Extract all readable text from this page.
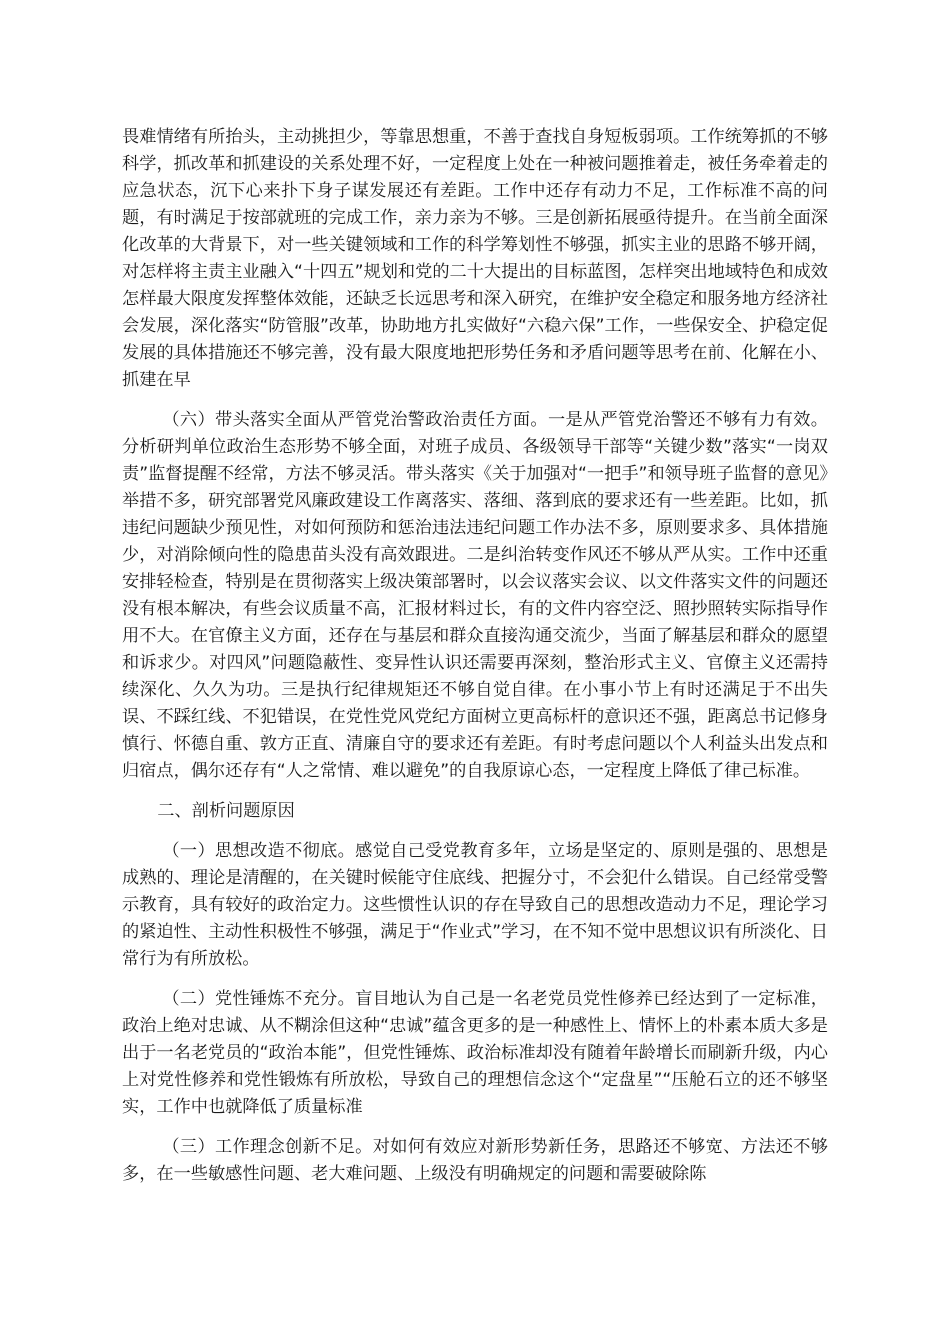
畏难情绪有所抬头，主动挑担少，等靠思想重，不善于查找自身短板弱项。工作统筹抓的不够科学，抓改革和抓建设的关系处理不好，一定程度上处在一种被问题推着走，被任务牵着走的应急状态，沉下心来扑下身子谋发展还有差距。工作中还存有动力不足，工作标准不高的问题，有时满足于按部就班的完成工作，亲力亲为不够。三是创新拓展亟待提升。在当前全面深化改革的大背景下，对一些关键领域和工作的科学筹划性不够强，抓实主业的思路不够开阔，对怎样将主责主业融入“十四五”规划和党的二十大提出的目标蓝图，怎样突出地域特色和成效怎样最大限度发挥整体效能，还缺乏长远思考和深入研究，在维护安全稳定和服务地方经济社会发展，深化落实“防管服”改革，协助地方扎实做好“六稳六保”工作，一些保安全、护稳定促发展的具体措施还不够完善，没有最大限度地把形势任务和矛盾问题等思考在前、化解在小、抓建在早

（六）带头落实全面从严管党治警政治责任方面。一是从严管党治警还不够有力有效。分析研判单位政治生态形势不够全面，对班子成员、各级领导干部等“关键少数”落实“一岗双责”监督提醒不经常，方法不够灵活。带头落实《关于加强对“一把手”和领导班子监督的意见》举措不多，研究部署党风廉政建设工作离落实、落细、落到底的要求还有一些差距。比如，抓违纪问题缺少预见性，对如何预防和惩治违法违纪问题工作办法不多，原则要求多、具体措施少，对消除倾向性的隐患苗头没有高效跟进。二是纠治转变作风还不够从严从实。工作中还重安排轻检查，特别是在贯彻落实上级决策部署时，以会议落实会议、以文件落实文件的问题还没有根本解决，有些会议质量不高，汇报材料过长，有的文件内容空泛、照抄照转实际指导作用不大。在官僚主义方面，还存在与基层和群众直接沟通交流少，当面了解基层和群众的愿望和诉求少。对四风”问题隐蔽性、变异性认识还需要再深刻，整治形式主义、官僚主义还需持续深化、久久为功。三是执行纪律规矩还不够自觉自律。在小事小节上有时还满足于不出失误、不踩红线、不犯错误，在党性党风党纪方面树立更高标杆的意识还不强，距离总书记修身慎行、怀德自重、敦方正直、清廉自守的要求还有差距。有时考虑问题以个人利益头出发点和归宿点，偶尔还存有“人之常情、难以避免”的自我原谅心态，一定程度上降低了律己标准。

二、剖析问题原因

（一）思想改造不彻底。感觉自己受党教育多年，立场是坚定的、原则是强的、思想是成熟的、理论是清醒的，在关键时候能守住底线、把握分寸，不会犯什么错误。自己经常受警示教育，具有较好的政治定力。这些惯性认识的存在导致自己的思想改造动力不足，理论学习的紧迫性、主动性积极性不够强，满足于“作业式”学习，在不知不觉中思想议识有所淡化、日常行为有所放松。

（二）党性锤炼不充分。盲目地认为自己是一名老党员党性修养已经达到了一定标准，政治上绝对忠诚、从不糊涂但这种“忠诚”蕴含更多的是一种感性上、情怀上的朴素本质大多是出于一名老党员的“政治本能”，但党性锤炼、政治标准却没有随着年龄增长而刷新升级，内心上对党性修养和党性锻炼有所放松，导致自己的理想信念这个“定盘星”“压舱石立的还不够坚实，工作中也就降低了质量标准

（三）工作理念创新不足。对如何有效应对新形势新任务，思路还不够宽、方法还不够多，在一些敏感性问题、老大难问题、上级没有明确规定的问题和需要破除陈
